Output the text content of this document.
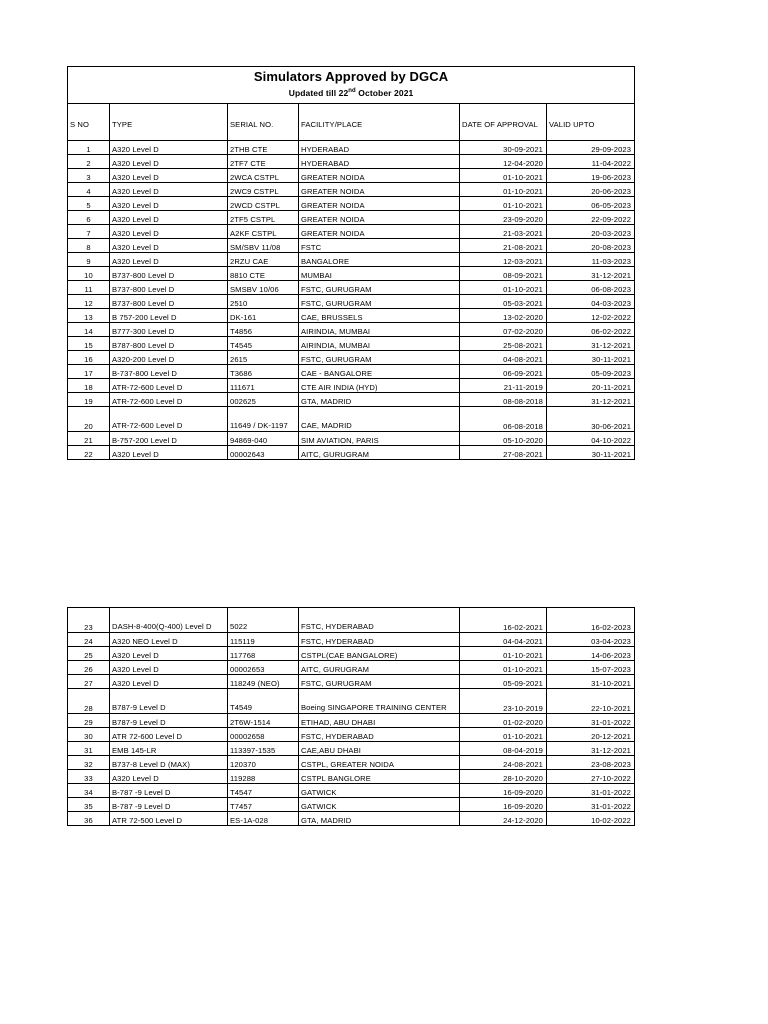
Simulators Approved by DGCA
Updated till 22nd October 2021					

S NO	TYPE	SERIAL NO.	FACILITY/PLACE	DATE OF APPROVAL	VALID UPTO

1	A320 Level D	2THB CTE	HYDERABAD	30-09-2021	29-09-2023
2	A320 Level D	2TF7 CTE	HYDERABAD	12-04-2020	11-04-2022
3	A320 Level D	2WCA CSTPL	GREATER NOIDA	01-10-2021	19-06-2023
4	A320 Level D	2WC9 CSTPL	GREATER NOIDA	01-10-2021	20-06-2023
5	A320 Level D	2WCD CSTPL	GREATER NOIDA	01-10-2021	06-05-2023
6	A320 Level D	2TF5 CSTPL	GREATER NOIDA	23-09-2020	22-09-2022
7	A320 Level D	A2KF CSTPL	GREATER NOIDA	21-03-2021	20-03-2023
8	A320 Level D	SM/SBV 11/08	FSTC	21-08-2021	20-08-2023
9	A320 Level D	2RZU CAE	BANGALORE	12-03-2021	11-03-2023
10	B737-800 Level D	8810 CTE	MUMBAI	08-09-2021	31-12-2021
11	B737-800 Level D	SMSBV 10/06	FSTC, GURUGRAM	01-10-2021	06-08-2023
12	B737-800 Level D	2510	FSTC, GURUGRAM	05-03-2021	04-03-2023
13	B 757-200 Level D	DK-161	CAE, BRUSSELS	13-02-2020	12-02-2022
14	B777-300 Level D	T4856	AIRINDIA, MUMBAI	07-02-2020	06-02-2022
15	B787-800 Level D	T4545	AIRINDIA, MUMBAI	25-08-2021	31-12-2021
16	A320-200 Level D	2615	FSTC, GURUGRAM	04-08-2021	30-11-2021
17	B-737-800 Level D	T3686	CAE - BANGALORE	06-09-2021	05-09-2023
18	ATR-72-600 Level D	111671	CTE AIR INDIA (HYD)	21-11-2019	20-11-2021
19	ATR-72-600 Level D	002625	GTA, MADRID	08-08-2018	31-12-2021
20	ATR-72-600 Level D	11649 / DK-1197	CAE, MADRID	06-08-2018	30-06-2021
21	B-757-200 Level D	94869-040	SIM AVIATION, PARIS	05-10-2020	04-10-2022
22	A320 Level D	00002643	AITC, GURUGRAM	27-08-2021	30-11-2021
23	DASH-8-400(Q-400) Level D	5022	FSTC, HYDERABAD	16-02-2021	16-02-2023
24	A320 NEO Level D	115119	FSTC, HYDERABAD	04-04-2021	03-04-2023
25	A320 Level D	117768	CSTPL(CAE BANGALORE)	01-10-2021	14-06-2023
26	A320 Level D	00002653	AITC, GURUGRAM	01-10-2021	15-07-2023
27	A320 Level D	118249 (NEO)	FSTC, GURUGRAM	05-09-2021	31-10-2021
28	B787-9 Level D	T4549	Boeing SINGAPORE TRAINING CENTER	23-10-2019	22-10-2021
29	B787-9 Level D	2T6W-1514	ETIHAD, ABU DHABI	01-02-2020	31-01-2022
30	ATR 72-600 Level D	00002658	FSTC, HYDERABAD	01-10-2021	20-12-2021
31	EMB 145-LR	113397-1535	CAE,ABU DHABI	08-04-2019	31-12-2021
32	B737-8 Level D (MAX)	120370	CSTPL, GREATER NOIDA	24-08-2021	23-08-2023
33	A320 Level D	119288	CSTPL BANGLORE	28-10-2020	27-10-2022
34	B-787 -9 Level D	T4547	GATWICK	16-09-2020	31-01-2022
35	B-787 -9 Level D	T7457	GATWICK	16-09-2020	31-01-2022
36	ATR 72-500 Level D	ES-1A-028	GTA, MADRID	24-12-2020	10-02-2022
